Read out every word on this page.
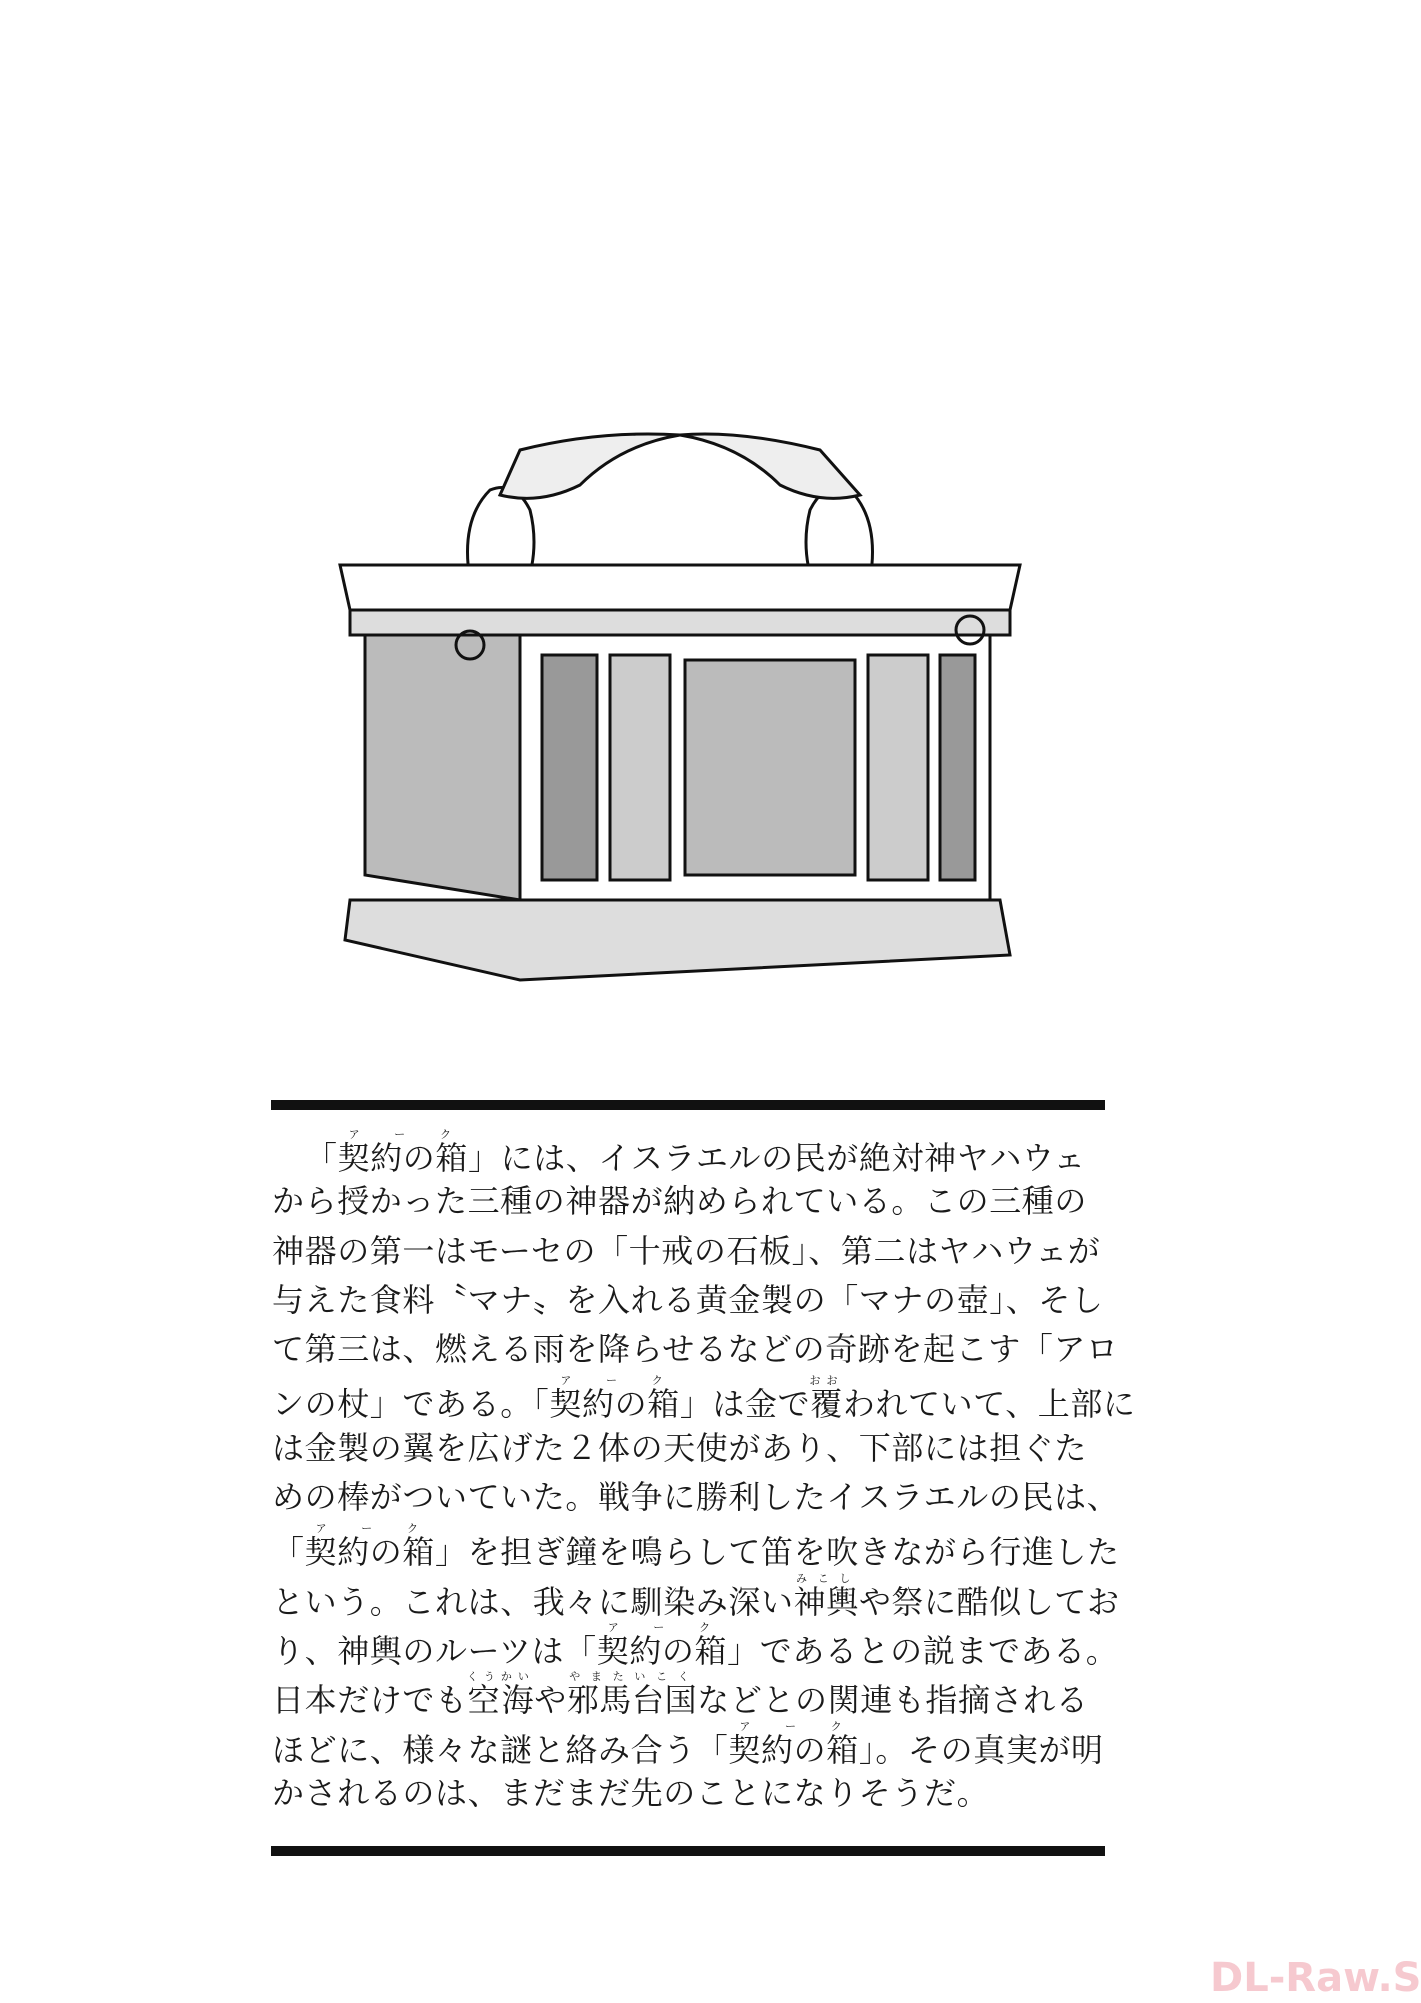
「契約の箱アーク」には、イスラエルの民が絶対神ヤハウェ
から授かった三種の神器が納められている。この三種の
神器の第一はモーセの「十戒の石板」、第二はヤハウェが
与えた食料〝マナ〟を入れる黄金製の「マナの壺」、そし
て第三は、燃える雨を降らせるなどの奇跡を起こす「アロ
ンの杖」である。「契約の箱アーク」は金で覆おおわれていて、上部に
は金製の翼を広げた２体の天使があり、下部には担ぐた
めの棒がついていた。戦争に勝利したイスラエルの民は、
「契約の箱アーク」を担ぎ鐘を鳴らして笛を吹きながら行進した
という。これは、我々に馴染み深い神輿みこしや祭に酷似してお
り、神輿のルーツは「契約の箱アーク」であるとの説まである。
日本だけでも空海くうかいや邪馬台国やまたいこくなどとの関連も指摘される
ほどに、様々な謎と絡み合う「契約の箱アーク」。その真実が明
かされるのは、まだまだ先のことになりそうだ。
DL-Raw.S
